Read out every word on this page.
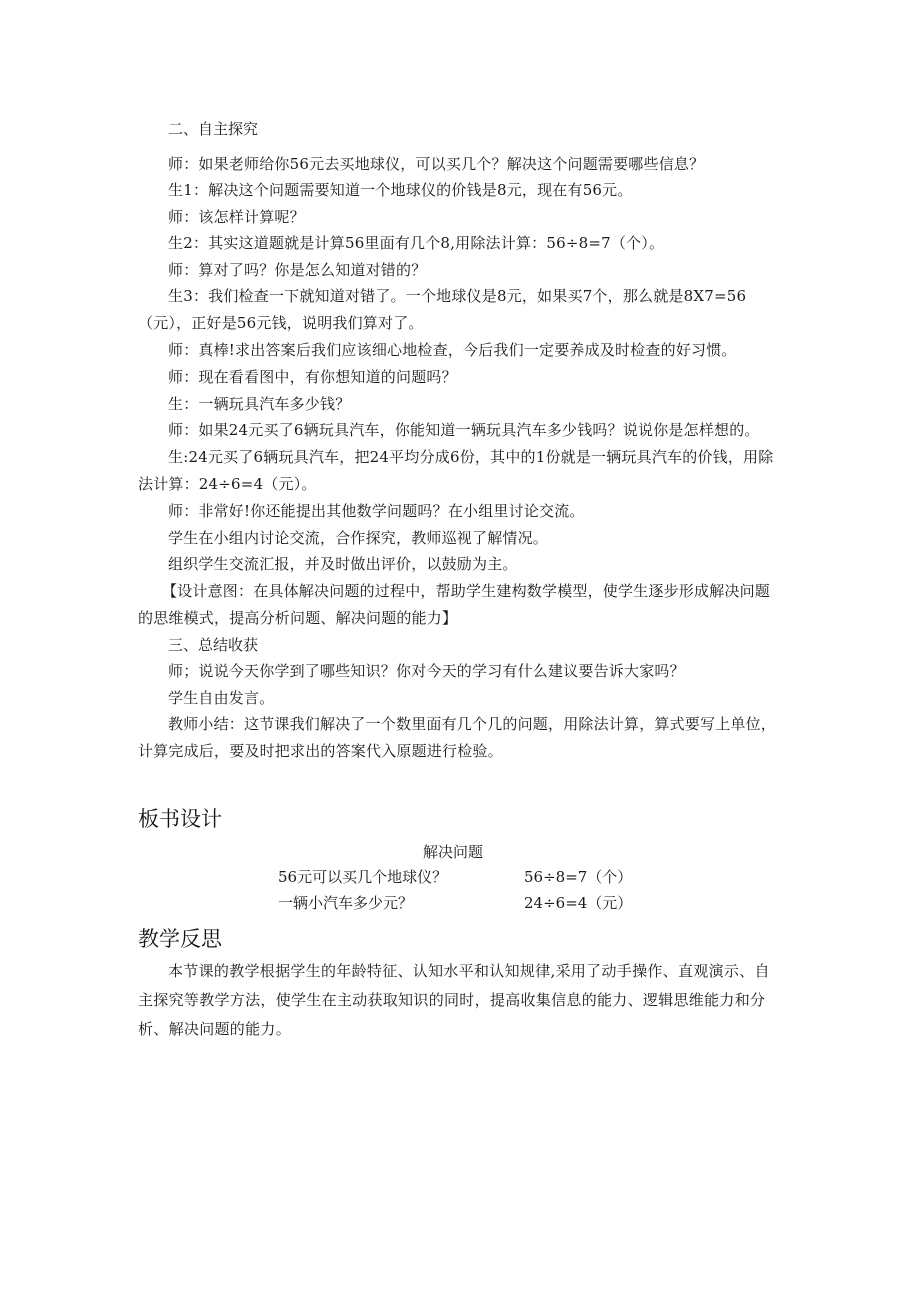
二、自主探究

师：如果老师给你56元去买地球仪，可以买几个？解决这个问题需要哪些信息？

生1：解决这个问题需要知道一个地球仪的价钱是8元，现在有56元。

师：该怎样计算呢？

生2：其实这道题就是计算56里面有几个8,用除法计算：56÷8=7（个）。

师：算对了吗？你是怎么知道对错的？

生3：我们检查一下就知道对错了。一个地球仪是8元，如果买7个，那么就是8X7=56（元），正好是56元钱，说明我们算对了。

师：真棒!求出答案后我们应该细心地检查，今后我们一定要养成及时检查的好习惯。

师：现在看看图中，有你想知道的问题吗？

生：一辆玩具汽车多少钱？

师：如果24元买了6辆玩具汽车，你能知道一辆玩具汽车多少钱吗？说说你是怎样想的。

生:24元买了6辆玩具汽车，把24平均分成6份，其中的1份就是一辆玩具汽车的价钱，用除法计算：24÷6=4（元）。

师：非常好!你还能提出其他数学问题吗？在小组里讨论交流。

学生在小组内讨论交流，合作探究，教师巡视了解情况。

组织学生交流汇报，并及时做出评价，以鼓励为主。

【设计意图：在具体解决问题的过程中，帮助学生建构数学模型，使学生逐步形成解决问题的思维模式，提高分析问题、解决问题的能力】

三、总结收获

师；说说今天你学到了哪些知识？你对今天的学习有什么建议要告诉大家吗？

学生自由发言。

教师小结：这节课我们解决了一个数里面有几个几的问题，用除法计算，算式要写上单位，计算完成后，要及时把求出的答案代入原题进行检验。

板书设计
解决问题
56元可以买几个地球仪？	56÷8=7（个）
一辆小汽车多少元？	24÷6=4（元）
教学反思

本节课的教学根据学生的年龄特征、认知水平和认知规律,采用了动手操作、直观演示、自主探究等教学方法，使学生在主动获取知识的同时，提高收集信息的能力、逻辑思维能力和分析、解决问题的能力。
